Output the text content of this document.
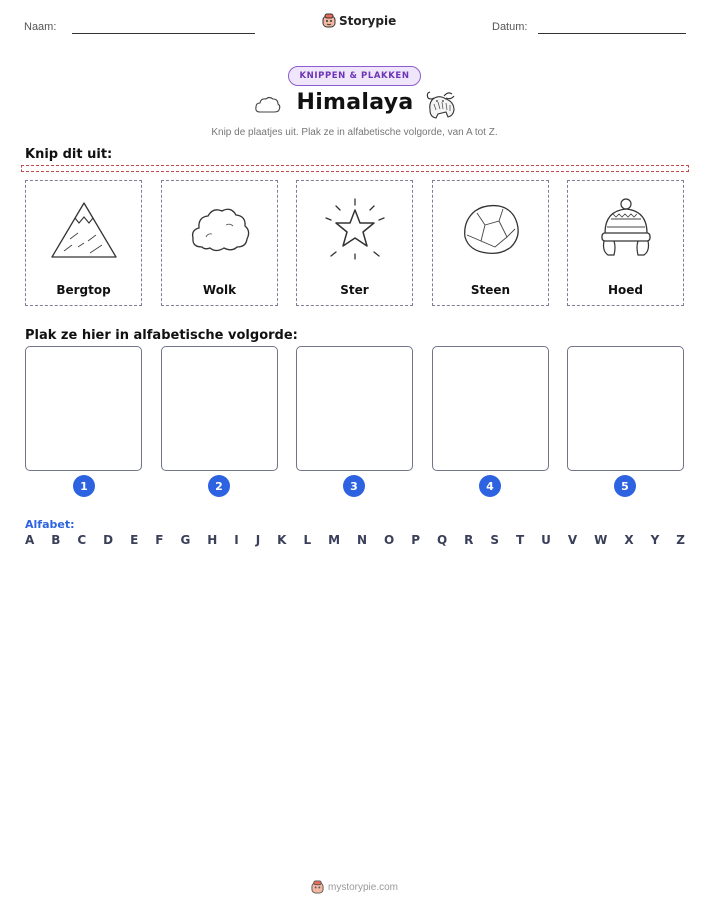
Naam:	Storypie	Datum:
KNIPPEN & PLAKKEN
Himalaya
Knip de plaatjes uit. Plak ze in alfabetische volgorde, van A tot Z.
Knip dit uit:
Bergtop	Wolk	Ster	Steen	Hoed
Plak ze hier in alfabetische volgorde:
1	2	3	4	5
Alfabet:
A B C D E F G H I J K L M N O P Q R S T U V W X Y Z
mystorypie.com
